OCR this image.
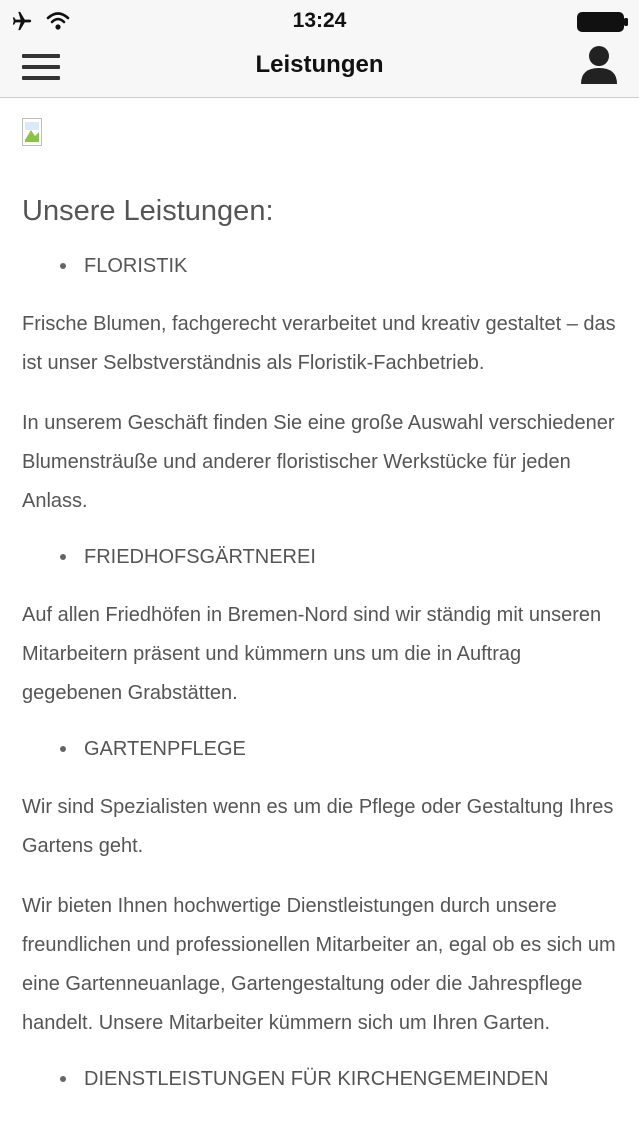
13:24
Leistungen
Unsere Leistungen:
FLORISTIK

Frische Blumen, fachgerecht verarbeitet und kreativ gestaltet – das ist unser Selbstverständnis als Floristik-Fachbetrieb.

In unserem Geschäft finden Sie eine große Auswahl verschiedener Blumensträuße und anderer floristischer Werkstücke für jeden Anlass.

FRIEDHOFSGÄRTNEREI

Auf allen Friedhöfen in Bremen-Nord sind wir ständig mit unseren Mitarbeitern präsent und kümmern uns um die in Auftrag gegebenen Grabstätten.

GARTENPFLEGE

Wir sind Spezialisten wenn es um die Pflege oder Gestaltung Ihres Gartens geht.

Wir bieten Ihnen hochwertige Dienstleistungen durch unsere freundlichen und professionellen Mitarbeiter an, egal ob es sich um eine Gartenneuanlage, Gartengestaltung oder die Jahrespflege handelt. Unsere Mitarbeiter kümmern sich um Ihren Garten.

DIENSTLEISTUNGEN FÜR KIRCHENGEMEINDEN
